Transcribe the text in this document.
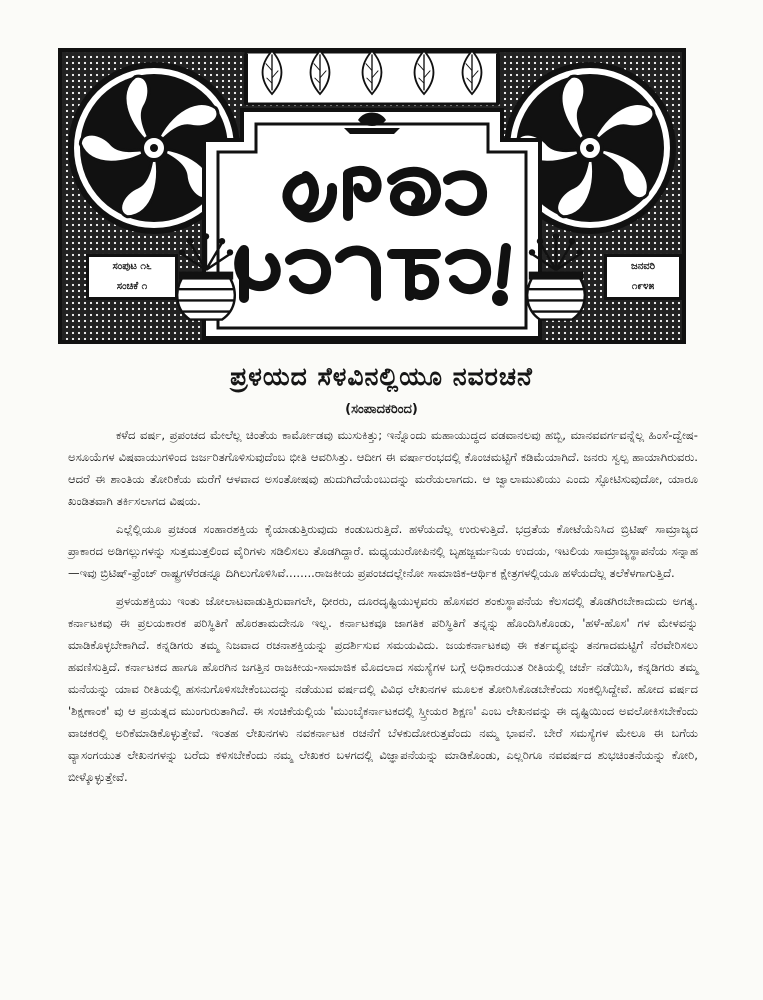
ಸಂಪುಟ ೧೬
ಸಂಚಿಕೆ ೧
ಜನವರಿ
೧೯೪೫
ಪ್ರಳಯದ ಸೆಳವಿನಲ್ಲಿಯೂ ನವರಚನೆ
(ಸಂಪಾದಕರಿಂದ)

ಕಳೆದ ವರ್ಷ, ಪ್ರಪಂಚದ ಮೇಲೆಲ್ಲ ಚಿಂತೆಯ ಕಾರ್ಮೋಡವು ಮುಸುಕಿತ್ತು; ಇನ್ನೊಂದು ಮಹಾಯುದ್ಧದ ವಡವಾನಲವು ಹಬ್ಬಿ, ಮಾನವವರ್ಗವನ್ನೆಲ್ಲ ಹಿಂಸೆ-ದ್ವೇಷ-ಅಸೂಯೆಗಳ ವಿಷವಾಯುಗಳಿಂದ ಜರ್ಜರಿತಗೊಳಿಸುವುದೆಂಬ ಭೀತಿ ಆವರಿಸಿತ್ತು. ಆದೀಗ ಈ ವರ್ಷಾರಂಭದಲ್ಲಿ ಕೊಂಚಮಟ್ಟಿಗೆ ಕಡಿಮೆಯಾಗಿದೆ. ಜನರು ಸ್ವಲ್ಪ ಹಾಯಾಗಿರುವರು. ಆದರೆ ಈ ಶಾಂತಿಯ ತೋರಿಕೆಯ ಮರೆಗೆ ಆಳವಾದ ಅಸಂತೋಷವು ಹುದುಗಿದೆಯೆಂಬುದನ್ನು ಮರೆಯಲಾಗದು. ಆ ಜ್ವಾಲಾಮುಖಿಯು ಎಂದು ಸ್ಫೋಟಿಸುವುದೋ, ಯಾರೂ ಖಂಡಿತವಾಗಿ ತರ್ಕಿಸಲಾಗದ ವಿಷಯ.

ಎಲ್ಲೆಲ್ಲಿಯೂ ಪ್ರಚಂಡ ಸಂಹಾರಶಕ್ತಿಯ ಕೈಯಾಡುತ್ತಿರುವುದು ಕಂಡುಬರುತ್ತಿದೆ. ಹಳೆಯದೆಲ್ಲ ಉರುಳುತ್ತಿದೆ. ಭದ್ರತೆಯ ಕೋಟೆಯೆನಿಸಿದ ಬ್ರಿಟಿಷ್ ಸಾಮ್ರಾಜ್ಯದ ಪ್ರಾಕಾರದ ಅಡಿಗಲ್ಲುಗಳನ್ನು ಸುತ್ತಮುತ್ತಲಿಂದ ವೈರಿಗಳು ಸಡಿಲಿಸಲು ತೊಡಗಿದ್ದಾರೆ. ಮಧ್ಯಯುರೋಪಿನಲ್ಲಿ ಬೃಹಜ್ಜರ್ಮನಿಯ ಉದಯ, ಇಟಲಿಯ ಸಾಮ್ರಾಜ್ಯಸ್ಥಾಪನೆಯ ಸನ್ನಾಹ—ಇವು ಬ್ರಿಟಿಷ್-ಫ್ರೆಂಚ್ ರಾಷ್ಟ್ರಗಳೆರಡನ್ನೂ ದಿಗಿಲುಗೊಳಿಸಿವೆ........ರಾಜಕೀಯ ಪ್ರಪಂಚದಲ್ಲೇನೋ ಸಾಮಾಜಿಕ-ಆರ್ಥಿಕ ಕ್ಷೇತ್ರಗಳಲ್ಲಿಯೂ ಹಳೆಯದೆಲ್ಲ ತಲೆಕೆಳಗಾಗುತ್ತಿದೆ.

ಪ್ರಳಯಶಕ್ತಿಯು ಇಂತು ಜೋಲಾಟವಾಡುತ್ತಿರುವಾಗಲೇ, ಧೀರರು, ದೂರದೃಷ್ಟಿಯುಳ್ಳವರು ಹೊಸವರ ಶಂಕುಸ್ಥಾಪನೆಯ ಕೆಲಸದಲ್ಲಿ ತೊಡಗಿರಬೇಕಾದುದು ಅಗತ್ಯ. ಕರ್ನಾಟಕವು ಈ ಪ್ರಲಯಕಾರಕ ಪರಿಸ್ಥಿತಿಗೆ ಹೊರತಾಮದೇನೂ ಇಲ್ಲ. ಕರ್ನಾಟಕವೂ ಜಾಗತಿಕ ಪರಿಸ್ಥಿತಿಗೆ ತನ್ನನ್ನು ಹೊಂದಿಸಿಕೊಂಡು, 'ಹಳೆ-ಹೊಸ' ಗಳ ಮೇಳವನ್ನು ಮಾಡಿಕೊಳ್ಳಬೇಕಾಗಿದೆ. ಕನ್ನಡಿಗರು ತಮ್ಮ ನಿಜವಾದ ರಚನಾಶಕ್ತಿಯನ್ನು ಪ್ರದರ್ಶಿಸುವ ಸಮಯವಿದು. ಜಯಕರ್ನಾಟಕವು ಈ ಕರ್ತವ್ಯವನ್ನು ತನಗಾದಮಟ್ಟಿಗೆ ನೆರವೇರಿಸಲು ಹವಣಿಸುತ್ತಿದೆ. ಕರ್ನಾಟಕದ ಹಾಗೂ ಹೊರಗಿನ ಜಗತ್ತಿನ ರಾಜಕೀಯ-ಸಾಮಾಜಿಕ ಮೊದಲಾದ ಸಮಸ್ಯೆಗಳ ಬಗ್ಗೆ ಅಧಿಕಾರಯುತ ರೀತಿಯಲ್ಲಿ ಚರ್ಚೆ ನಡೆಯಿಸಿ, ಕನ್ನಡಿಗರು ತಮ್ಮ ಮನೆಯನ್ನು ಯಾವ ರೀತಿಯಲ್ಲಿ ಹಸನುಗೊಳಿಸಬೇಕೆಂಬುದನ್ನು ನಡೆಯುವ ವರ್ಷದಲ್ಲಿ ವಿವಿಧ ಲೇಖನಗಳ ಮೂಲಕ ತೋರಿಸಿಕೊಡಬೇಕೆಂದು ಸಂಕಲ್ಪಿಸಿದ್ದೇವೆ. ಹೋದ ವರ್ಷದ 'ಶಿಕ್ಷಣಾಂಕ' ವು ಆ ಪ್ರಯತ್ನದ ಮುಂಗುರುತಾಗಿದೆ. ಈ ಸಂಚಿಕೆಯಲ್ಲಿಯ 'ಮುಂಬೈಕರ್ನಾಟಕದಲ್ಲಿ ಸ್ತ್ರೀಯರ ಶಿಕ್ಷಣ' ಎಂಬ ಲೇಖನವನ್ನು ಈ ದೃಷ್ಟಿಯಿಂದ ಅವಲೋಕಿಸಬೇಕೆಂದು ವಾಚಕರಲ್ಲಿ ಅರಿಕೆಮಾಡಿಕೊಳ್ಳುತ್ತೇವೆ. ಇಂತಹ ಲೇಖನಗಳು ನವಕರ್ನಾಟಕ ರಚನೆಗೆ ಬೆಳಕುದೋರುತ್ತವೆಂದು ನಮ್ಮ ಭಾವನೆ. ಬೇರೆ ಸಮಸ್ಯೆಗಳ ಮೇಲೂ ಈ ಬಗೆಯ ವ್ಯಾಸಂಗಯುತ ಲೇಖನಗಳನ್ನು ಬರೆದು ಕಳಿಸಬೇಕೆಂದು ನಮ್ಮ ಲೇಖಕರ ಬಳಗದಲ್ಲಿ ವಿಜ್ಞಾಪನೆಯನ್ನು ಮಾಡಿಕೊಂಡು, ಎಲ್ಲರಿಗೂ ನವವರ್ಷದ ಶುಭಚಿಂತನೆಯನ್ನು ಕೋರಿ, ಬೀಳ್ಕೊಳ್ಳುತ್ತೇವೆ.
